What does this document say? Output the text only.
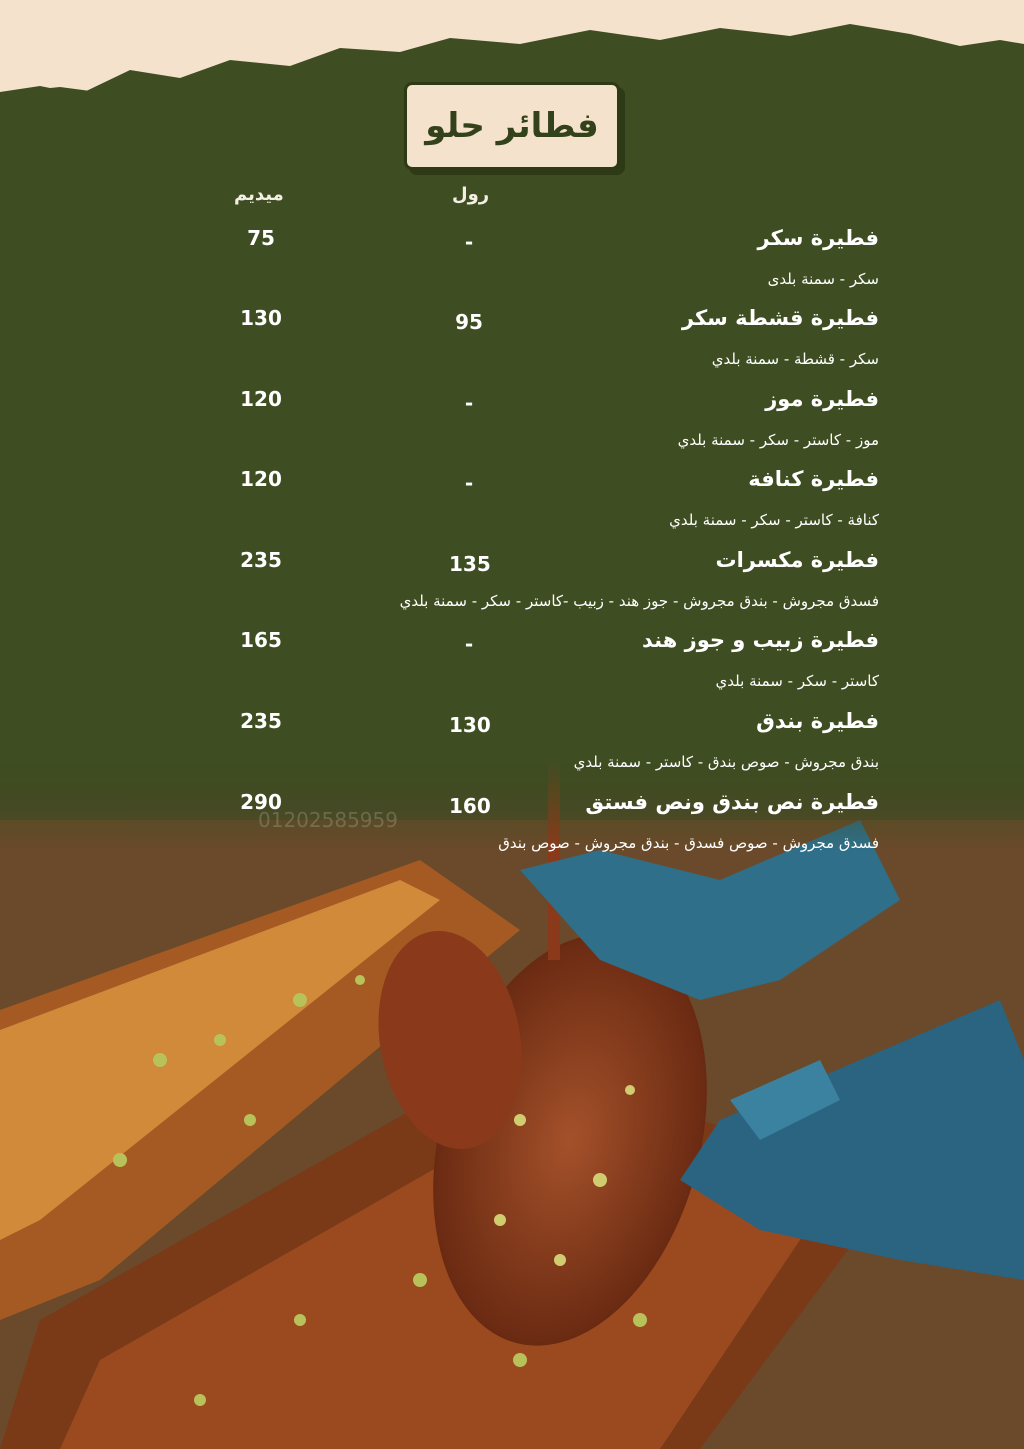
01202585959
فطائر حلو
رول
ميديم
فطيرة سكر
سكر - سمنة بلدى
-
75
فطيرة قشطة سكر
سكر - قشطة - سمنة بلدي
95
130
فطيرة موز
موز - كاستر - سكر - سمنة بلدي
-
120
فطيرة كنافة
كنافة - كاستر - سكر - سمنة بلدي
-
120
فطيرة مكسرات
فسدق مجروش - بندق مجروش - جوز هند - زبيب -كاستر - سكر - سمنة بلدي
135
235
فطيرة زبيب و جوز هند
كاستر - سكر - سمنة بلدي
-
165
فطيرة بندق
بندق مجروش - صوص بندق - كاستر - سمنة بلدي
130
235
فطيرة نص بندق ونص فستق
فسدق مجروش - صوص فسدق - بندق مجروش - صوص بندق
160
290
